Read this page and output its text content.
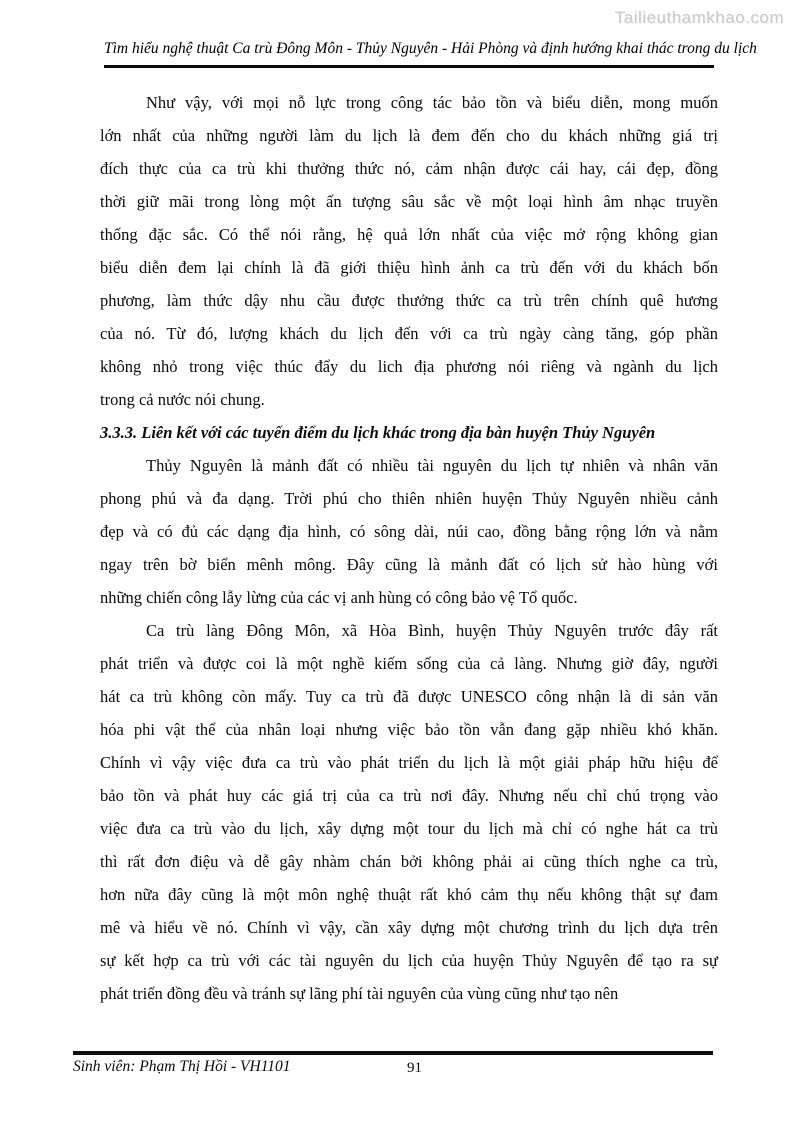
Tailieuthamkhao.com
Tìm hiểu nghệ thuật Ca trù Đông Môn - Thủy Nguyên - Hải Phòng và định hướng khai thác trong du lịch
Như vậy, với mọi nỗ lực trong công tác bảo tồn và biểu diễn, mong muốn
lớn nhất của những người làm du lịch là đem đến cho du khách những giá trị
đích thực của ca trù khi thưởng thức nó, cảm nhận được cái hay, cái đẹp, đồng
thời giữ mãi trong lòng một ấn tượng sâu sắc về một loại hình âm nhạc truyền
thống đặc sắc. Có thể nói rằng, hệ quả lớn nhất của việc mở rộng không gian
biểu diễn đem lại chính là đã giới thiệu hình ảnh ca trù đến với du khách bốn
phương, làm thức dậy nhu cầu được thưởng thức ca trù trên chính quê hương
của nó. Từ đó, lượng khách du lịch đến với ca trù ngày càng tăng, góp phần
không nhỏ trong việc thúc đẩy du lich địa phương nói riêng và ngành du lịch
trong cả nước nói chung.
3.3.3. Liên kết với các tuyến điểm du lịch khác trong địa bàn huyện Thủy Nguyên
Thủy Nguyên là mảnh đất có nhiều tài nguyên du lịch tự nhiên và nhân văn
phong phú và đa dạng. Trời phú cho thiên nhiên huyện Thủy Nguyên nhiều cảnh
đẹp và có đủ các dạng địa hình, có sông dài, núi cao, đồng bằng rộng lớn và nằm
ngay trên bờ biển mênh mông. Đây cũng là mảnh đất có lịch sử hào hùng với
những chiến công lẫy lừng của các vị anh hùng có công bảo vệ Tổ quốc.
Ca trù làng Đông Môn, xã Hòa Bình, huyện Thủy Nguyên trước đây rất
phát triển và được coi là một nghề kiếm sống của cả làng. Nhưng giờ đây, người
hát ca trù không còn mấy. Tuy ca trù đã được UNESCO công nhận là di sản văn
hóa phi vật thể của nhân loại nhưng việc bảo tồn vẫn đang gặp nhiều khó khăn.
Chính vì vậy việc đưa ca trù vào phát triển du lịch là một giải pháp hữu hiệu để
bảo tồn và phát huy các giá trị của ca trù nơi đây. Nhưng nếu chỉ chú trọng vào
việc đưa ca trù vào du lịch, xây dựng một tour du lịch mà chỉ có nghe hát ca trù
thì rất đơn điệu và dễ gây nhàm chán bởi không phải ai cũng thích nghe ca trù,
hơn nữa đây cũng là một môn nghệ thuật rất khó cảm thụ nếu không thật sự đam
mê và hiểu về nó. Chính vì vậy, cần xây dựng một chương trình du lịch dựa trên
sự kết hợp ca trù với các tài nguyên du lịch của huyện Thủy Nguyên để tạo ra sự
phát triển đồng đều và tránh sự lãng phí tài nguyên của vùng cũng như tạo nên
Sinh viên: Phạm Thị Hồi - VH1101	91
